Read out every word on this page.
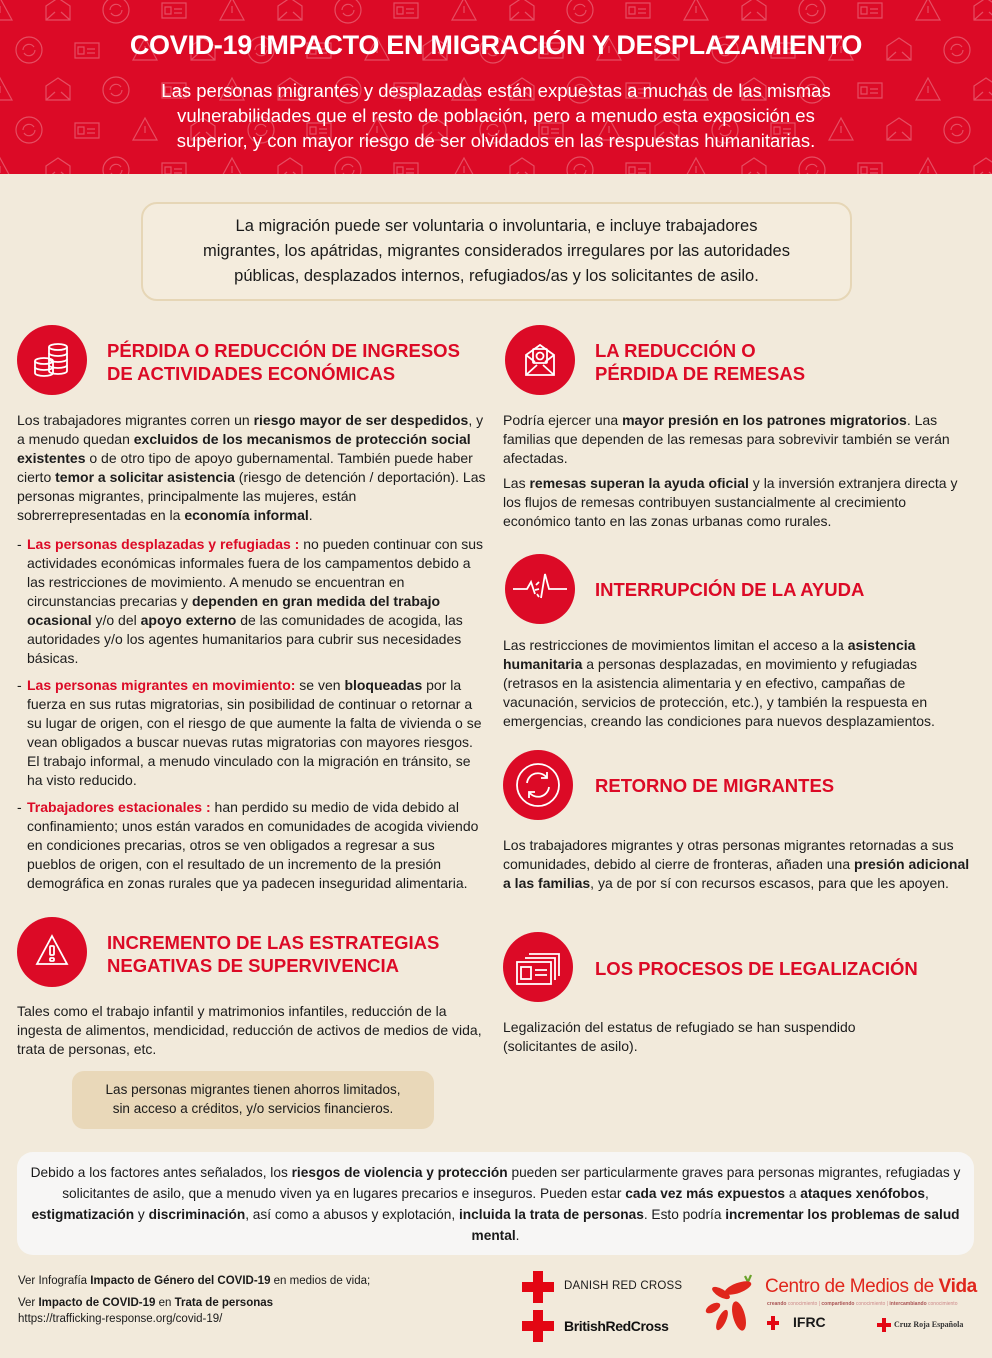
COVID-19 IMPACTO EN MIGRACIÓN Y DESPLAZAMIENTO
Las personas migrantes y desplazadas están expuestas a muchas de las mismas
vulnerabilidades que el resto de población, pero a menudo esta exposición es
superior, y con mayor riesgo de ser olvidados en las respuestas humanitarias.
La migración puede ser voluntaria o involuntaria, e incluye trabajadores
migrantes, los apátridas, migrantes considerados irregulares por las autoridades
públicas, desplazados internos, refugiados/as y los solicitantes de asilo.
PÉRDIDA O REDUCCIÓN DE INGRESOS
DE ACTIVIDADES ECONÓMICAS

Los trabajadores migrantes corren un riesgo mayor de ser despedidos, y a menudo quedan excluidos de los mecanismos de protección social existentes o de otro tipo de apoyo gubernamental. También puede haber cierto temor a solicitar asistencia (riesgo de detención / deportación). Las personas migrantes, principalmente las mujeres, están sobrerrepresentadas en la economía informal.

- Las personas desplazadas y refugiadas : no pueden continuar con sus actividades económicas informales fuera de los campamentos debido a las restricciones de movimiento. A menudo se encuentran en circunstancias precarias y dependen en gran medida del trabajo ocasional y/o del apoyo externo de las comunidades de acogida, las autoridades y/o los agentes humanitarios para cubrir sus necesidades básicas.
- Las personas migrantes en movimiento: se ven bloqueadas por la fuerza en sus rutas migratorias, sin posibilidad de continuar o retornar a su lugar de origen, con el riesgo de que aumente la falta de vivienda o se vean obligados a buscar nuevas rutas migratorias con mayores riesgos. El trabajo informal, a menudo vinculado con la migración en tránsito, se ha visto reducido.
- Trabajadores estacionales : han perdido su medio de vida debido al confinamiento; unos están varados en comunidades de acogida viviendo en condiciones precarias, otros se ven obligados a regresar a sus pueblos de origen, con el resultado de un incremento de la presión demográfica en zonas rurales que ya padecen inseguridad alimentaria.
INCREMENTO DE LAS ESTRATEGIAS
NEGATIVAS DE SUPERVIVENCIA
Tales como el trabajo infantil y matrimonios infantiles, reducción de la ingesta de alimentos, mendicidad, reducción de activos de medios de vida, trata de personas, etc.
Las personas migrantes tienen ahorros limitados,
sin acceso a créditos, y/o servicios financieros.
LA REDUCCIÓN O
PÉRDIDA DE REMESAS

Podría ejercer una mayor presión en los patrones migratorios. Las familias que dependen de las remesas para sobrevivir también se verán afectadas.

Las remesas superan la ayuda oficial y la inversión extranjera directa y los flujos de remesas contribuyen sustancialmente al crecimiento económico tanto en las zonas urbanas como rurales.

INTERRUPCIÓN DE LA AYUDA

Las restricciones de movimientos limitan el acceso a la asistencia humanitaria a personas desplazadas, en movimiento y refugiadas (retrasos en la asistencia alimentaria y en efectivo, campañas de vacunación, servicios de protección, etc.), y también la respuesta en emergencias, creando las condiciones para nuevos desplazamientos.

RETORNO DE MIGRANTES

Los trabajadores migrantes y otras personas migrantes retornadas a sus comunidades, debido al cierre de fronteras, añaden una presión adicional a las familias, ya de por sí con recursos escasos, para que les apoyen.

LOS PROCESOS DE LEGALIZACIÓN
Legalización del estatus de refugiado se han suspendido (solicitantes de asilo).
Debido a los factores antes señalados, los riesgos de violencia y protección pueden ser particularmente graves para personas migrantes, refugiadas y solicitantes de asilo, que a menudo viven ya en lugares precarios e inseguros. Pueden estar cada vez más expuestos a ataques xenófobos, estigmatización y discriminación, así como a abusos y explotación, incluida la trata de personas. Esto podría incrementar los problemas de salud mental.
Ver Infografía Impacto de Género del COVID-19 en medios de vida;
Ver Impacto de COVID-19 en Trata de personas
https://trafficking-response.org/covid-19/
DANISH RED CROSS
BritishRedCross
Centro de Medios de Vida
creando conocimiento | compartiendo conocimiento | intercambiando conocimiento
IFRC	Cruz Roja Española
